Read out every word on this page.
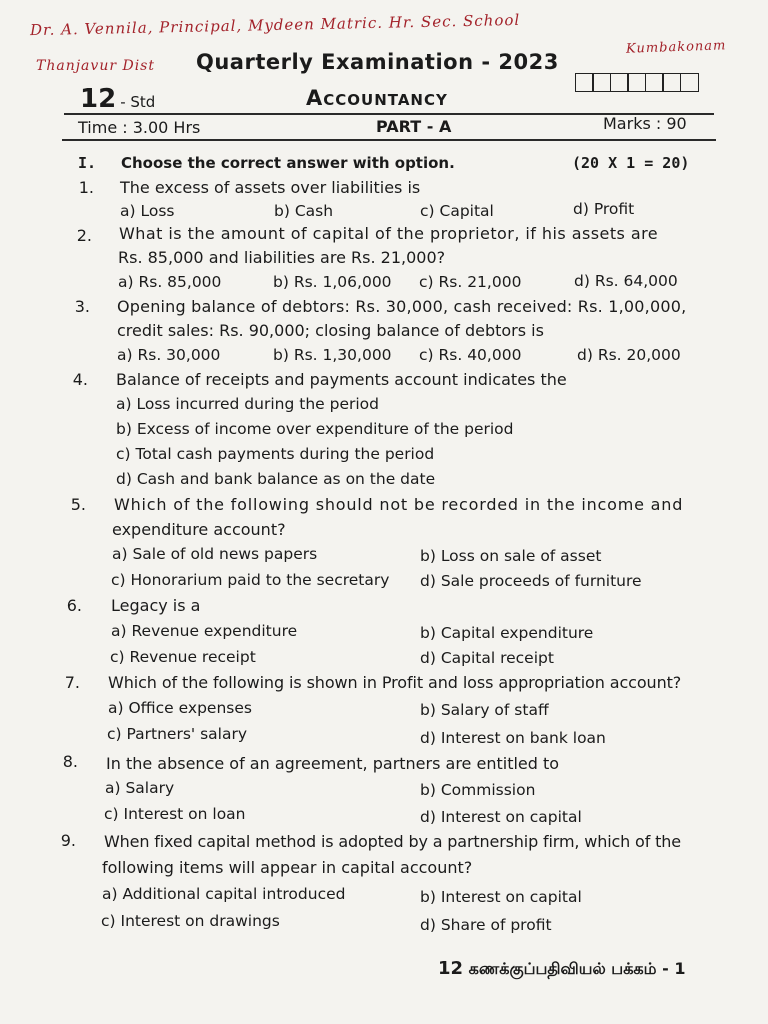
Dr. A. Vennila, Principal, Mydeen Matric. Hr. Sec. School
Thanjavur Dist
Kumbakonam
Quarterly Examination - 2023
12 - Std	Accountancy
Time : 3.00 Hrs	PART - A	Marks : 90
I. Choose the correct answer with option.	(20 X 1 = 20)
1. The excess of assets over liabilities is
a) Loss	b) Cash	c) Capital	d) Profit
2. What is the amount of capital of the proprietor, if his assets are
Rs. 85,000 and liabilities are Rs. 21,000?
a) Rs. 85,000	b) Rs. 1,06,000 c) Rs. 21,000	d) Rs. 64,000
3. Opening balance of debtors: Rs. 30,000, cash received: Rs. 1,00,000,
credit sales: Rs. 90,000; closing balance of debtors is
a) Rs. 30,000	b) Rs. 1,30,000 c) Rs. 40,000	d) Rs. 20,000
4. Balance of receipts and payments account indicates the
a) Loss incurred during the period
b) Excess of income over expenditure of the period
c) Total cash payments during the period
d) Cash and bank balance as on the date
5. Which of the following should not be recorded in the income and
expenditure account?
a) Sale of old news papers	b) Loss on sale of asset
c) Honorarium paid to the secretary d) Sale proceeds of furniture
6. Legacy is a
a) Revenue expenditure	b) Capital expenditure
c) Revenue receipt	d) Capital receipt
7. Which of the following is shown in Profit and loss appropriation account?
a) Office expenses	b) Salary of staff
c) Partners' salary	d) Interest on bank loan
8. In the absence of an agreement, partners are entitled to
a) Salary	b) Commission
c) Interest on loan	d) Interest on capital
9. When fixed capital method is adopted by a partnership firm, which of the
following items will appear in capital account?
a) Additional capital introduced	b) Interest on capital
c) Interest on drawings	d) Share of profit
12 கணக்குப்பதிவியல் பக்கம் - 1
